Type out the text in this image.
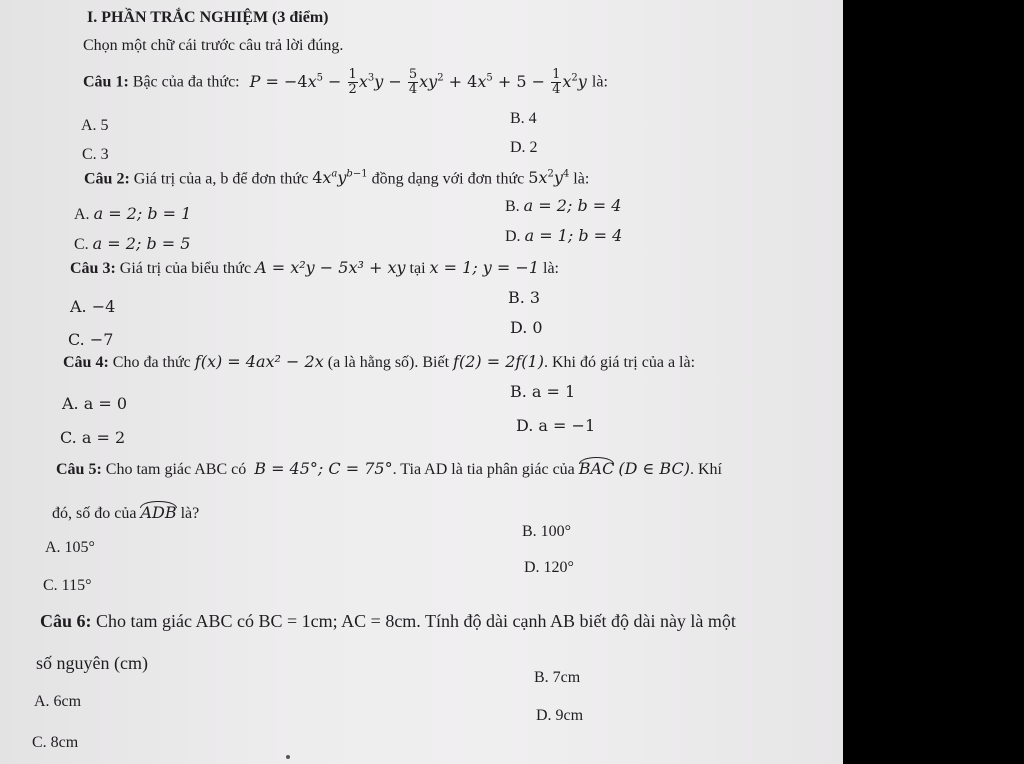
I. PHẦN TRẮC NGHIỆM (3 điểm)
Chọn một chữ cái trước câu trả lời đúng.
Câu 1: Bậc của đa thức: $P = -4x^5 - \frac{1}{2} x^3y - \frac{5}{4} xy^2 + 4x^5 + 5 - \frac{1}{4} x^2y$ là:
A. 5	B. 4
C. 3	D. 2
Câu 2: Giá trị của a, b để đơn thức $4x^ay^{b-1}$ đồng dạng với đơn thức $5x^2y^4$ là:
A. a = 2; b = 1	B. a = 2; b = 4
C. a = 2; b = 5	D. a = 1; b = 4
Câu 3: Giá trị của biểu thức A = x²y − 5x³ + xy tại x = 1; y = −1 là:
A. −4	B. 3
C. −7
D. 0
Câu 4: Cho đa thức f(x) = 4ax² − 2x (a là hằng số). Biết f(2) = 2f(1). Khi đó giá trị của a là:
A. a = 0
B. a = 1
C. a = 2
D. a = −1
Câu 5: Cho tam giác ABC có B = 45°; C = 75°. Tia AD là tia phân giác của BAC (D ∈ BC). Khí
đó, số đo của ADB là?
A. 105°
B. 100°
C. 115°
D. 120°
Câu 6: Cho tam giác ABC có BC = 1cm; AC = 8cm. Tính độ dài cạnh AB biết độ dài này là một
số nguyên (cm)
A. 6cm
B. 7cm
C. 8cm
D. 9cm
